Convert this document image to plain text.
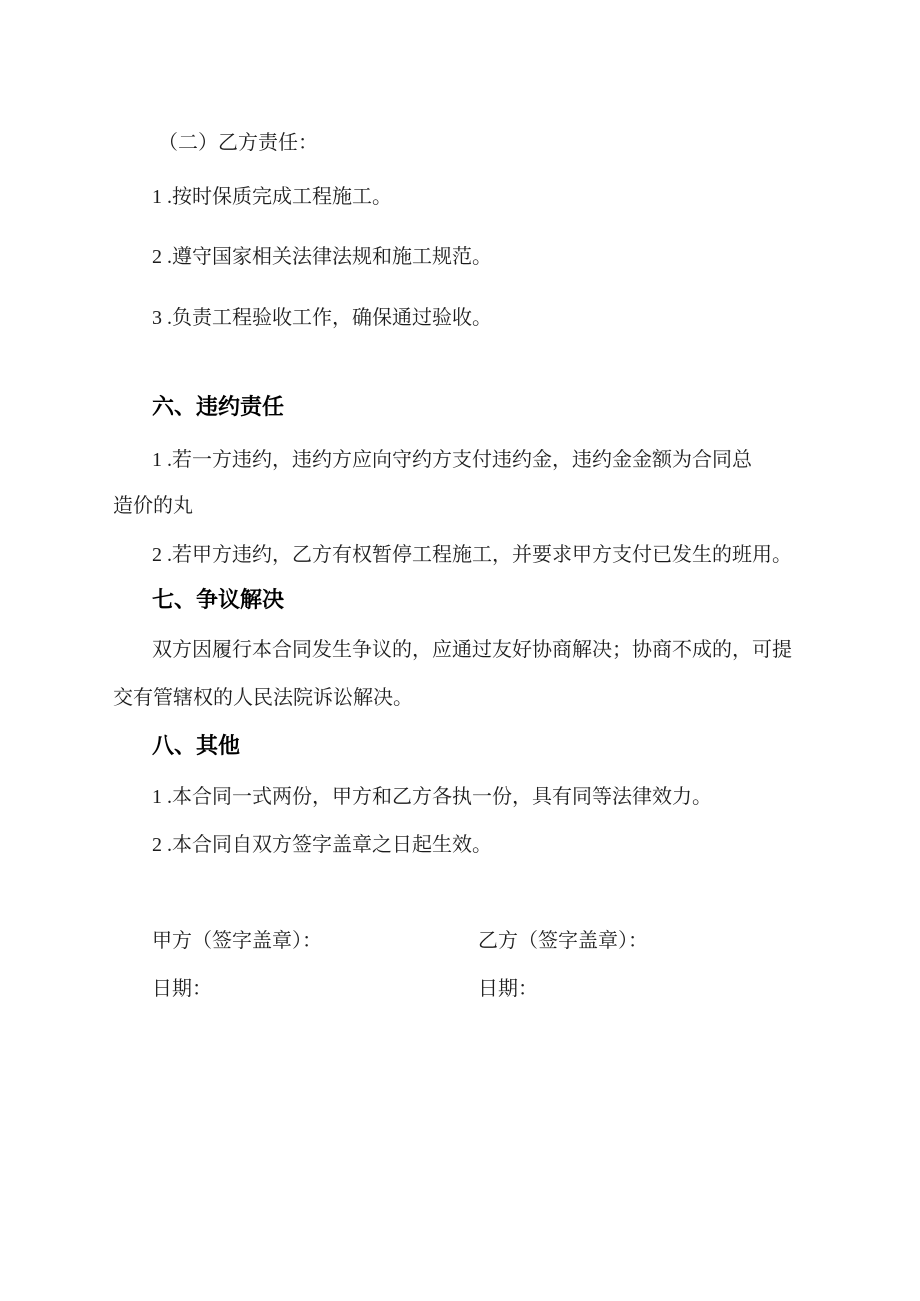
（二）乙方责任：
1 .按时保质完成工程施工。
2 .遵守国家相关法律法规和施工规范。
3 .负责工程验收工作，确保通过验收。
六、违约责任
1 .若一方违约，违约方应向守约方支付违约金，违约金金额为合同总
造价的丸
2 .若甲方违约，乙方有权暂停工程施工，并要求甲方支付已发生的班用。
七、争议解决
双方因履行本合同发生争议的，应通过友好协商解决；协商不成的，可提
交有管辖权的人民法院诉讼解决。
八、其他
1 .本合同一式两份，甲方和乙方各执一份，具有同等法律效力。
2 .本合同自双方签字盖章之日起生效。
甲方（签字盖章）：	乙方（签字盖章）：
日期：	日期：
